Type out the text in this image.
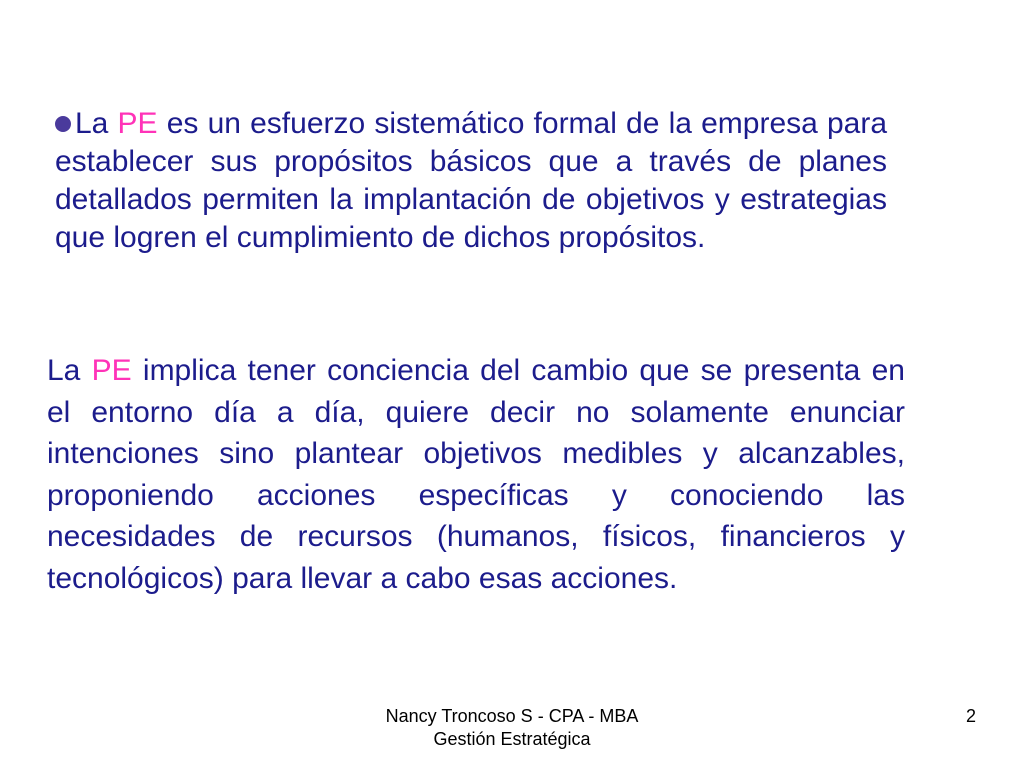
La PE es un esfuerzo sistemático formal de la empresa para establecer sus propósitos básicos que a través de planes detallados permiten la implantación de objetivos y estrategias que logren el cumplimiento de dichos propósitos.
La PE implica tener conciencia del cambio que se presenta en el entorno día a día, quiere decir no solamente enunciar intenciones sino plantear objetivos medibles y alcanzables, proponiendo acciones específicas y conociendo las necesidades de recursos (humanos, físicos, financieros y tecnológicos) para llevar a cabo esas acciones.
Nancy Troncoso S - CPA - MBA
Gestión Estratégica
2
